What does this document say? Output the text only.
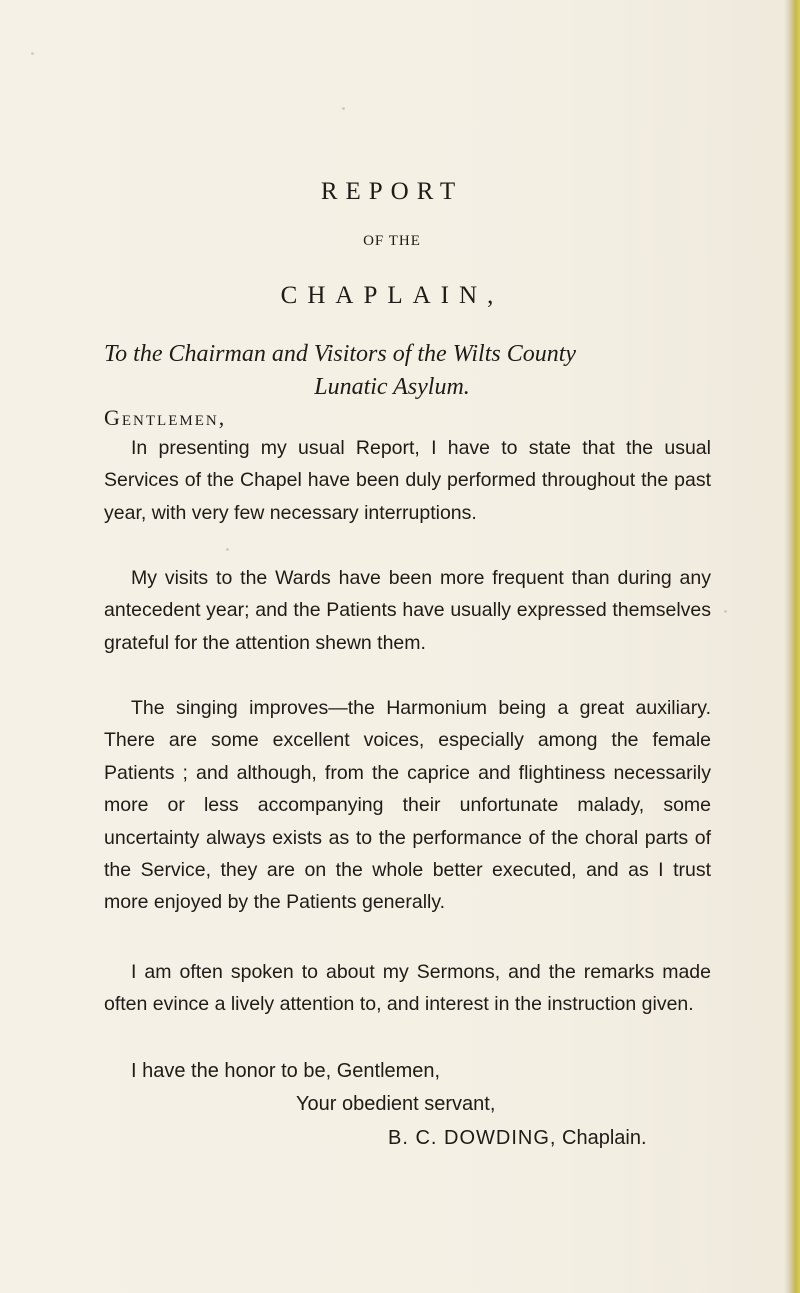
REPORT
OF THE
CHAPLAIN,
To the Chairman and Visitors of the Wilts County
Lunatic Asylum.
Gentlemen,

In presenting my usual Report, I have to state that the usual Services of the Chapel have been duly performed throughout the past year, with very few necessary interruptions.

My visits to the Wards have been more frequent than during any antecedent year; and the Patients have usually expressed themselves grateful for the attention shewn them.

The singing improves—the Harmonium being a great auxiliary. There are some excellent voices, especially among the female Patients ; and although, from the caprice and flightiness necessarily more or less accompanying their unfortunate malady, some uncertainty always exists as to the performance of the choral parts of the Service, they are on the whole better executed, and as I trust more enjoyed by the Patients generally.

I am often spoken to about my Sermons, and the remarks made often evince a lively attention to, and interest in the instruction given.

I have the honor to be, Gentlemen,
Your obedient servant,
B. C. DOWDING, Chaplain.
